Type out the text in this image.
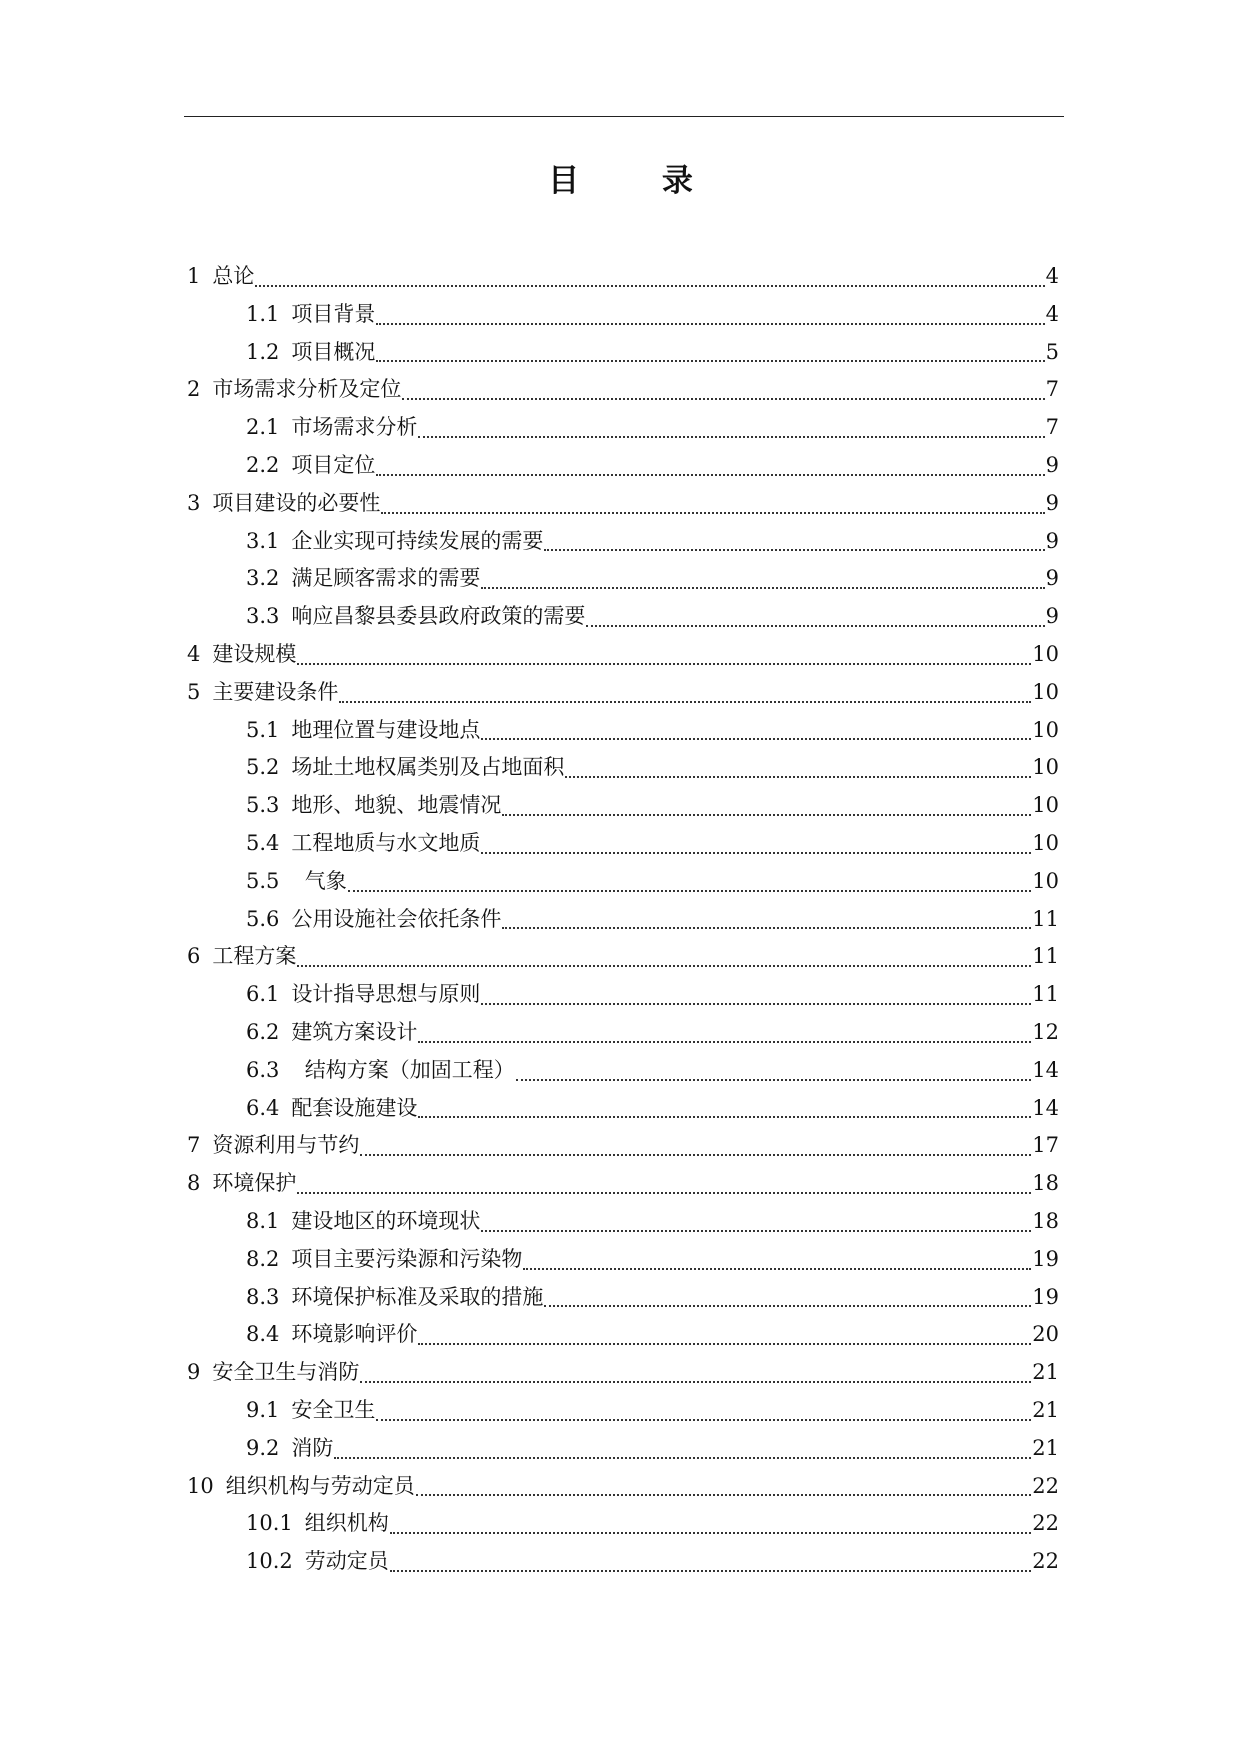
目 录
1 总论	4
1.1 项目背景	4
1.2 项目概况	5
2 市场需求分析及定位	7
2.1 市场需求分析	7
2.2 项目定位	9
3 项目建设的必要性	9
3.1 企业实现可持续发展的需要	9
3.2 满足顾客需求的需要	9
3.3 响应昌黎县委县政府政策的需要	9
4 建设规模	10
5 主要建设条件	10
5.1 地理位置与建设地点	10
5.2 场址土地权属类别及占地面积	10
5.3 地形、地貌、地震情况	10
5.4 工程地质与水文地质	10
5.5 气象	10
5.6 公用设施社会依托条件	11
6 工程方案	11
6.1 设计指导思想与原则	11
6.2 建筑方案设计	12
6.3 结构方案（加固工程）	14
6.4 配套设施建设	14
7 资源利用与节约	17
8 环境保护	18
8.1 建设地区的环境现状	18
8.2 项目主要污染源和污染物	19
8.3 环境保护标准及采取的措施	19
8.4 环境影响评价	20
9 安全卫生与消防	21
9.1 安全卫生	21
9.2 消防	21
10 组织机构与劳动定员	22
10.1 组织机构	22
10.2 劳动定员	22
